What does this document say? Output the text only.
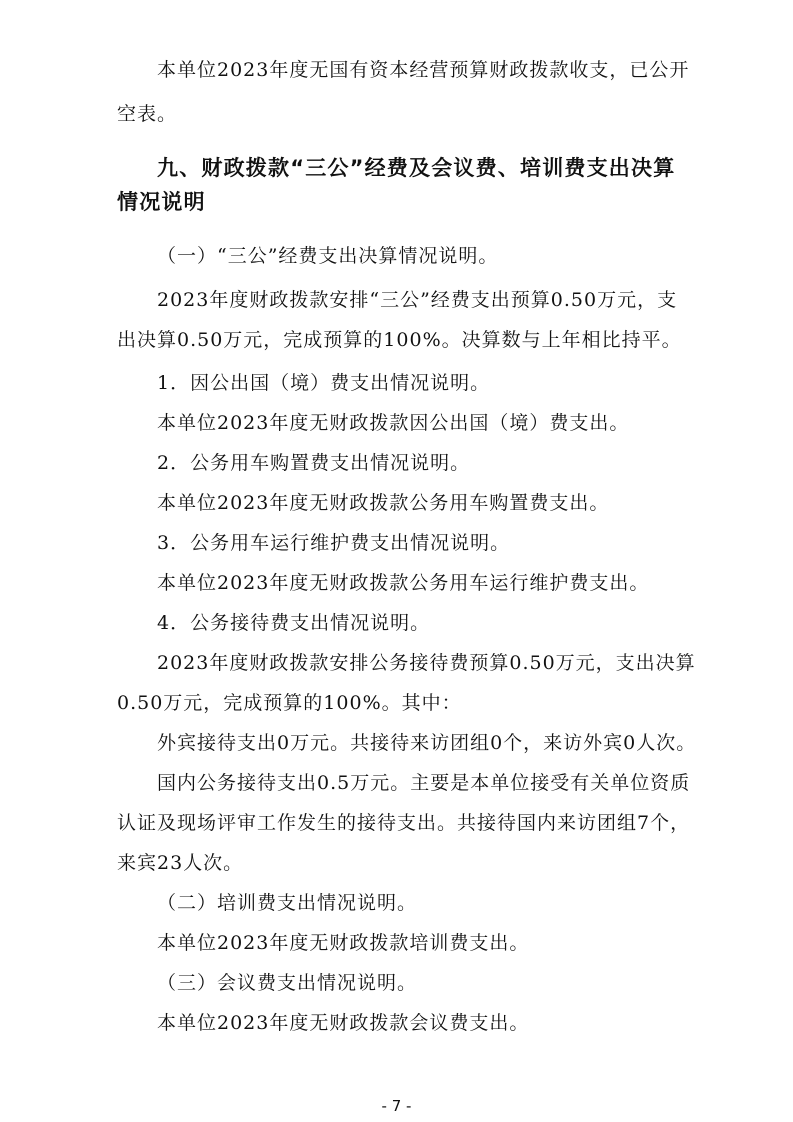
本单位2023年度无国有资本经营预算财政拨款收支，已公开
空表。
九、财政拨款“三公”经费及会议费、培训费支出决算
情况说明
（一）“三公”经费支出决算情况说明。
2023年度财政拨款安排“三公”经费支出预算0.50万元，支
出决算0.50万元，完成预算的100%。决算数与上年相比持平。
1．因公出国（境）费支出情况说明。
本单位2023年度无财政拨款因公出国（境）费支出。
2．公务用车购置费支出情况说明。
本单位2023年度无财政拨款公务用车购置费支出。
3．公务用车运行维护费支出情况说明。
本单位2023年度无财政拨款公务用车运行维护费支出。
4．公务接待费支出情况说明。
2023年度财政拨款安排公务接待费预算0.50万元，支出决算
0.50万元，完成预算的100%。其中：
外宾接待支出0万元。共接待来访团组0个，来访外宾0人次。
国内公务接待支出0.5万元。主要是本单位接受有关单位资质
认证及现场评审工作发生的接待支出。共接待国内来访团组7个，
来宾23人次。
（二）培训费支出情况说明。
本单位2023年度无财政拨款培训费支出。
（三）会议费支出情况说明。
本单位2023年度无财政拨款会议费支出。
- 7 -
